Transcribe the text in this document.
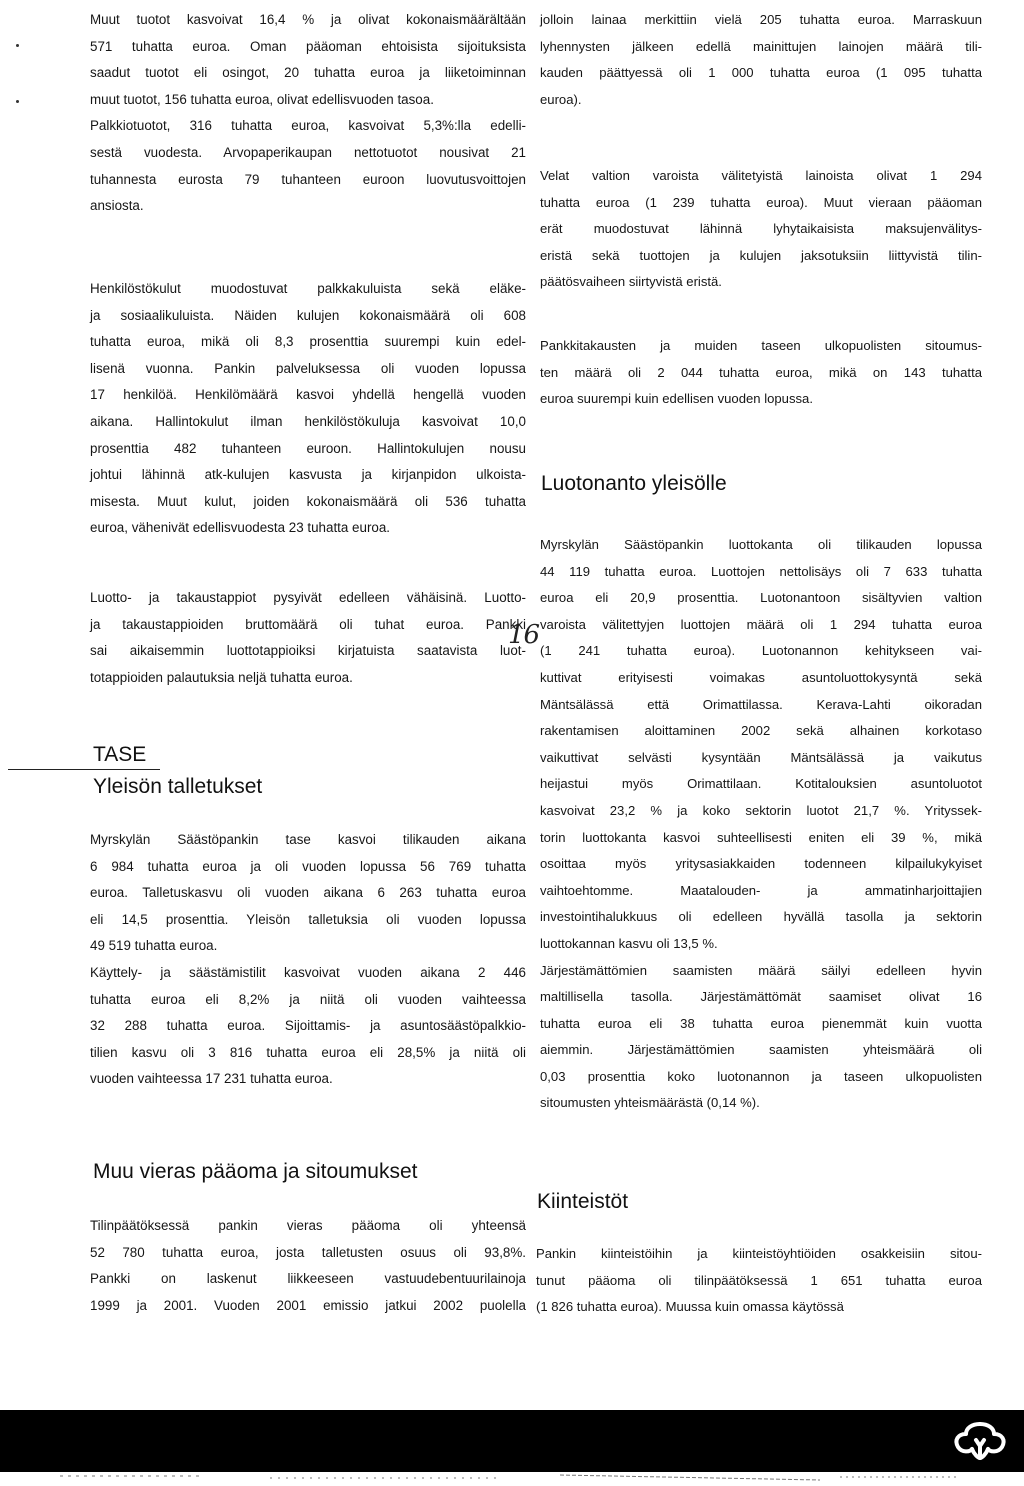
Muut tuotot kasvoivat 16,4 % ja olivat kokonaismäärältään
571 tuhatta euroa. Oman pääoman ehtoisista sijoituksista
saadut tuotot eli osingot, 20 tuhatta euroa ja liiketoiminnan
muut tuotot, 156 tuhatta euroa, olivat edellisvuoden tasoa.
Palkkiotuotot, 316 tuhatta euroa, kasvoivat 5,3%:lla edelli-
sestä vuodesta. Arvopaperikaupan nettotuotot nousivat 21
tuhannesta eurosta 79 tuhanteen euroon luovutusvoittojen
ansiosta.
Henkilöstökulut muodostuvat palkkakuluista sekä eläke-
ja sosiaalikuluista. Näiden kulujen kokonaismäärä oli 608
tuhatta euroa, mikä oli 8,3 prosenttia suurempi kuin edel-
lisenä vuonna. Pankin palveluksessa oli vuoden lopussa
17 henkilöä. Henkilömäärä kasvoi yhdellä hengellä vuoden
aikana. Hallintokulut ilman henkilöstökuluja kasvoivat 10,0
prosenttia 482 tuhanteen euroon. Hallintokulujen nousu
johtui lähinnä atk-kulujen kasvusta ja kirjanpidon ulkoista-
misesta. Muut kulut, joiden kokonaismäärä oli 536 tuhatta
euroa, vähenivät edellisvuodesta 23 tuhatta euroa.
Luotto- ja takaustappiot pysyivät edelleen vähäisinä. Luotto-
ja takaustappioiden bruttomäärä oli tuhat euroa. Pankki
sai aikaisemmin luottotappioiksi kirjatuista saatavista luot-
totappioiden palautuksia neljä tuhatta euroa.
TASE
Yleisön talletukset
Myrskylän Säästöpankin tase kasvoi tilikauden aikana
6 984 tuhatta euroa ja oli vuoden lopussa 56 769 tuhatta
euroa. Talletuskasvu oli vuoden aikana 6 263 tuhatta euroa
eli 14,5 prosenttia. Yleisön talletuksia oli vuoden lopussa
49 519 tuhatta euroa.
Käyttely- ja säästämistilit kasvoivat vuoden aikana 2 446
tuhatta euroa eli 8,2% ja niitä oli vuoden vaihteessa
32 288 tuhatta euroa. Sijoittamis- ja asuntosäästöpalkkio-
tilien kasvu oli 3 816 tuhatta euroa eli 28,5% ja niitä oli
vuoden vaihteessa 17 231 tuhatta euroa.
Muu vieras pääoma ja sitoumukset
Tilinpäätöksessä pankin vieras pääoma oli yhteensä
52 780 tuhatta euroa, josta talletusten osuus oli 93,8%.
Pankki on laskenut liikkeeseen vastuudebentuurilainoja
1999 ja 2001. Vuoden 2001 emissio jatkui 2002 puolella
jolloin lainaa merkittiin vielä 205 tuhatta euroa. Marraskuun
lyhennysten jälkeen edellä mainittujen lainojen määrä tili-
kauden päättyessä oli 1 000 tuhatta euroa (1 095 tuhatta
euroa).
Velat valtion varoista välitetyistä lainoista olivat 1 294
tuhatta euroa (1 239 tuhatta euroa). Muut vieraan pääoman
erät muodostuvat lähinnä lyhytaikaisista maksujenvälitys-
eristä sekä tuottojen ja kulujen jaksotuksiin liittyvistä tilin-
päätösvaiheen siirtyvistä eristä.
Pankkitakausten ja muiden taseen ulkopuolisten sitoumus-
ten määrä oli 2 044 tuhatta euroa, mikä on 143 tuhatta
euroa suurempi kuin edellisen vuoden lopussa.
Luotonanto yleisölle
Myrskylän Säästöpankin luottokanta oli tilikauden lopussa
44 119 tuhatta euroa. Luottojen nettolisäys oli 7 633 tuhatta
euroa eli 20,9 prosenttia. Luotonantoon sisältyvien valtion
varoista välitettyjen luottojen määrä oli 1 294 tuhatta euroa
(1 241 tuhatta euroa). Luotonannon kehitykseen vai-
kuttivat erityisesti voimakas asuntoluottokysyntä sekä
Mäntsälässä että Orimattilassa. Kerava-Lahti oikoradan
rakentamisen aloittaminen 2002 sekä alhainen korkotaso
vaikuttivat selvästi kysyntään Mäntsälässä ja vaikutus
heijastui myös Orimattilaan. Kotitalouksien asuntoluotot
kasvoivat 23,2 % ja koko sektorin luotot 21,7 %. Yrityssek-
torin luottokanta kasvoi suhteellisesti eniten eli 39 %, mikä
osoittaa myös yritysasiakkaiden todenneen kilpailukykyiset
vaihtoehtomme. Maatalouden- ja ammatinharjoittajien
investointihalukkuus oli edelleen hyvällä tasolla ja sektorin
luottokannan kasvu oli 13,5 %.
Järjestämättömien saamisten määrä säilyi edelleen hyvin
maltillisella tasolla. Järjestämättömät saamiset olivat 16
tuhatta euroa eli 38 tuhatta euroa pienemmät kuin vuotta
aiemmin. Järjestämättömien saamisten yhteismäärä oli
0,03 prosenttia koko luotonannon ja taseen ulkopuolisten
sitoumusten yhteismäärästä (0,14 %).
Kiinteistöt
Pankin kiinteistöihin ja kiinteistöyhtiöiden osakkeisiin sitou-
tunut pääoma oli tilinpäätöksessä 1 651 tuhatta euroa
(1 826 tuhatta euroa). Muussa kuin omassa käytössä
16
